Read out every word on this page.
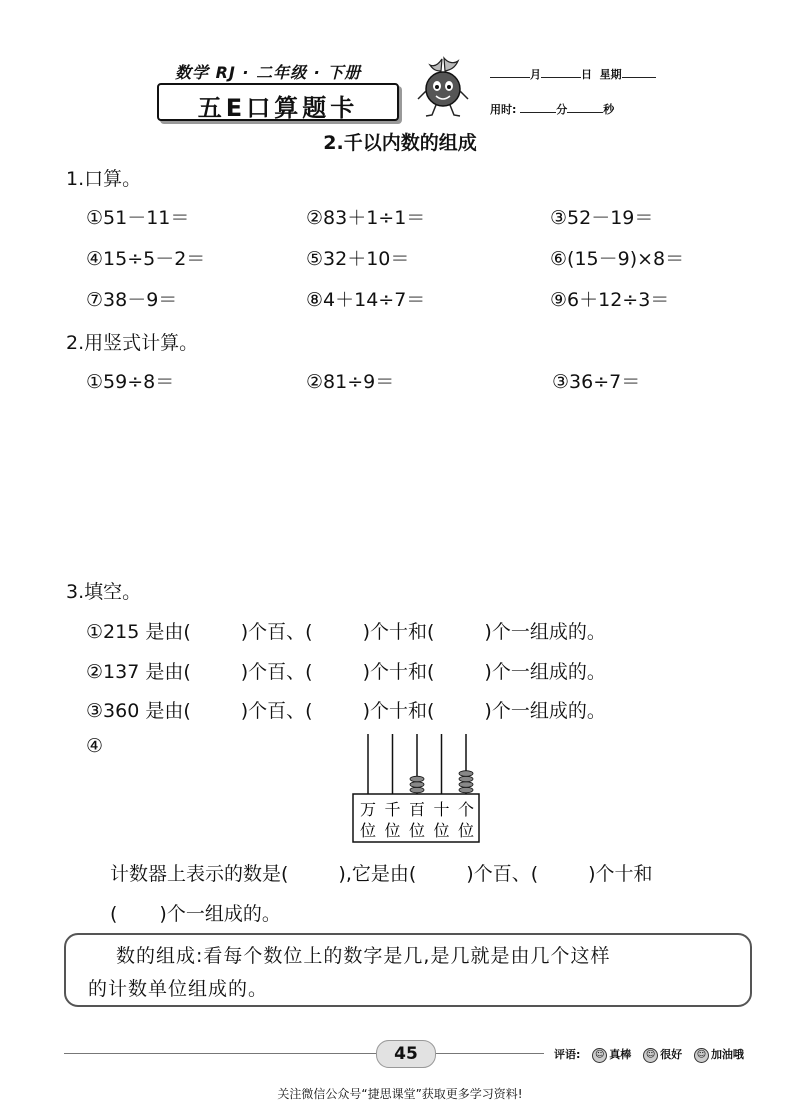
数学 RJ · 二年级 · 下册
五E口算题卡
月	日 星期
用时:	分	秒
2.千以内数的组成
1.口算。
①51－11＝	②83＋1÷1＝	③52－19＝
④15÷5－2＝	⑤32＋10＝	⑥(15－9)×8＝
⑦38－9＝	⑧4＋14÷7＝	⑨6＋12÷3＝
2.用竖式计算。
①59÷8＝	②81÷9＝	③36÷7＝
3.填空。
①215 是由(	)个百、(	)个十和(	)个一组成的。
②137 是由(	)个百、(	)个十和(	)个一组成的。
③360 是由(	)个百、(	)个十和(	)个一组成的。
④
万
位
千
位
百
位
十
位
个
位
计数器上表示的数是(	),它是由(	)个百、(	)个十和
( )个一组成的。
数的组成:看每个数位上的数字是几,是几就是由几个这样
的计数单位组成的。
45	评语: ☺ 真棒 ☺ 很好 ☺ 加油哦
关注微信公众号“捷思课堂”获取更多学习资料!
